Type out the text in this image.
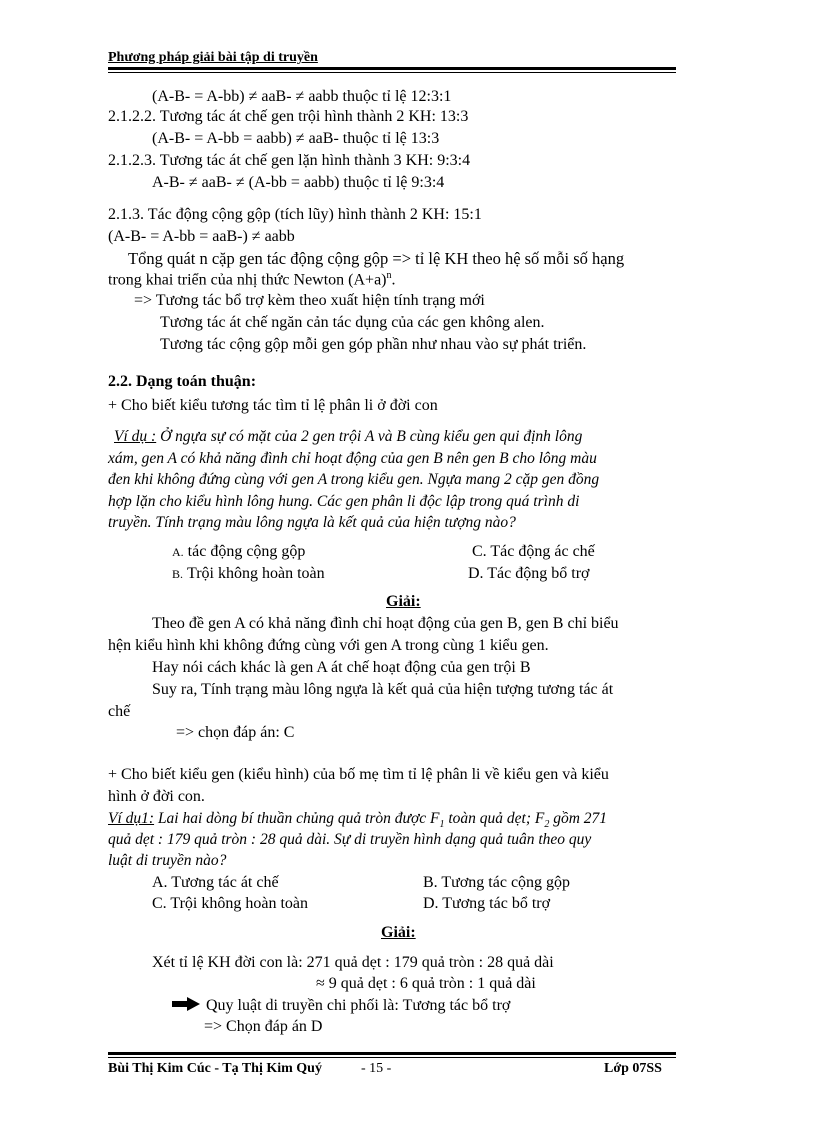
Phương pháp giải bài tập di truyền
(A-B- = A-bb) ≠ aaB- ≠ aabb thuộc tỉ lệ 12:3:1
2.1.2.2. Tương tác át chế gen trội hình thành 2 KH: 13:3
(A-B- = A-bb = aabb) ≠ aaB- thuộc tỉ lệ 13:3
2.1.2.3. Tương tác át chế gen lặn hình thành 3 KH: 9:3:4
A-B- ≠ aaB- ≠ (A-bb = aabb) thuộc tỉ lệ 9:3:4
2.1.3. Tác động cộng gộp (tích lũy) hình thành 2 KH: 15:1
(A-B- = A-bb = aaB-) ≠ aabb
Tổng quát n cặp gen tác động cộng gộp => tỉ lệ KH theo hệ số mỗi số hạng
trong khai triển của nhị thức Newton $(A+a)^n$.
=> Tương tác bổ trợ kèm theo xuất hiện tính trạng mới
Tương tác át chế ngăn cản tác dụng của các gen không alen.
Tương tác cộng gộp mỗi gen góp phần như nhau vào sự phát triển.
2.2. Dạng toán thuận:
+ Cho biết kiểu tương tác tìm tỉ lệ phân li ở đời con
Ví dụ : Ở ngựa sự có mặt của 2 gen trội A và B cùng kiểu gen qui định lông
xám, gen A có khả năng đình chỉ hoạt động của gen B nên gen B cho lông màu
đen khi không đứng cùng với gen A trong kiểu gen. Ngựa mang 2 cặp gen đồng
hợp lặn cho kiểu hình lông hung. Các gen phân li độc lập trong quá trình di
truyền. Tính trạng màu lông ngựa là kết quả của hiện tượng nào?
A. tác động cộng gộp
B. Trội không hoàn toàn
C. Tác động ác chế
D. Tác động bổ trợ
Giải:
Theo đề gen A có khả năng đình chỉ hoạt động của gen B, gen B chỉ biểu
hện kiểu hình khi không đứng cùng với gen A trong cùng 1 kiểu gen.
Hay nói cách khác là gen A át chế hoạt động của gen trội B
Suy ra, Tính trạng màu lông ngựa là kết quả của hiện tượng tương tác át
chế
=> chọn đáp án: C
+ Cho biết kiểu gen (kiểu hình) của bố mẹ tìm tỉ lệ phân li về kiểu gen và kiểu
hình ở đời con.
Ví dụ1: Lai hai dòng bí thuần chủng quả tròn được $F_1$ toàn quả dẹt; $F_2$ gồm 271
quả dẹt : 179 quả tròn : 28 quả dài. Sự di truyền hình dạng quả tuân theo quy
luật di truyền nào?
A. Tương tác át chế
C. Trội không hoàn toàn
B. Tương tác cộng gộp
D. Tương tác bổ trợ
Giải:
Xét tỉ lệ KH đời con là: 271 quả dẹt : 179 quả tròn : 28 quả dài
≈ 9 quả dẹt : 6 quả tròn : 1 quả dài
Quy luật di truyền chi phối là: Tương tác bổ trợ
=> Chọn đáp án D
Bùi Thị Kim Cúc - Tạ Thị Kim Quý	- 15 -	Lớp 07SS
